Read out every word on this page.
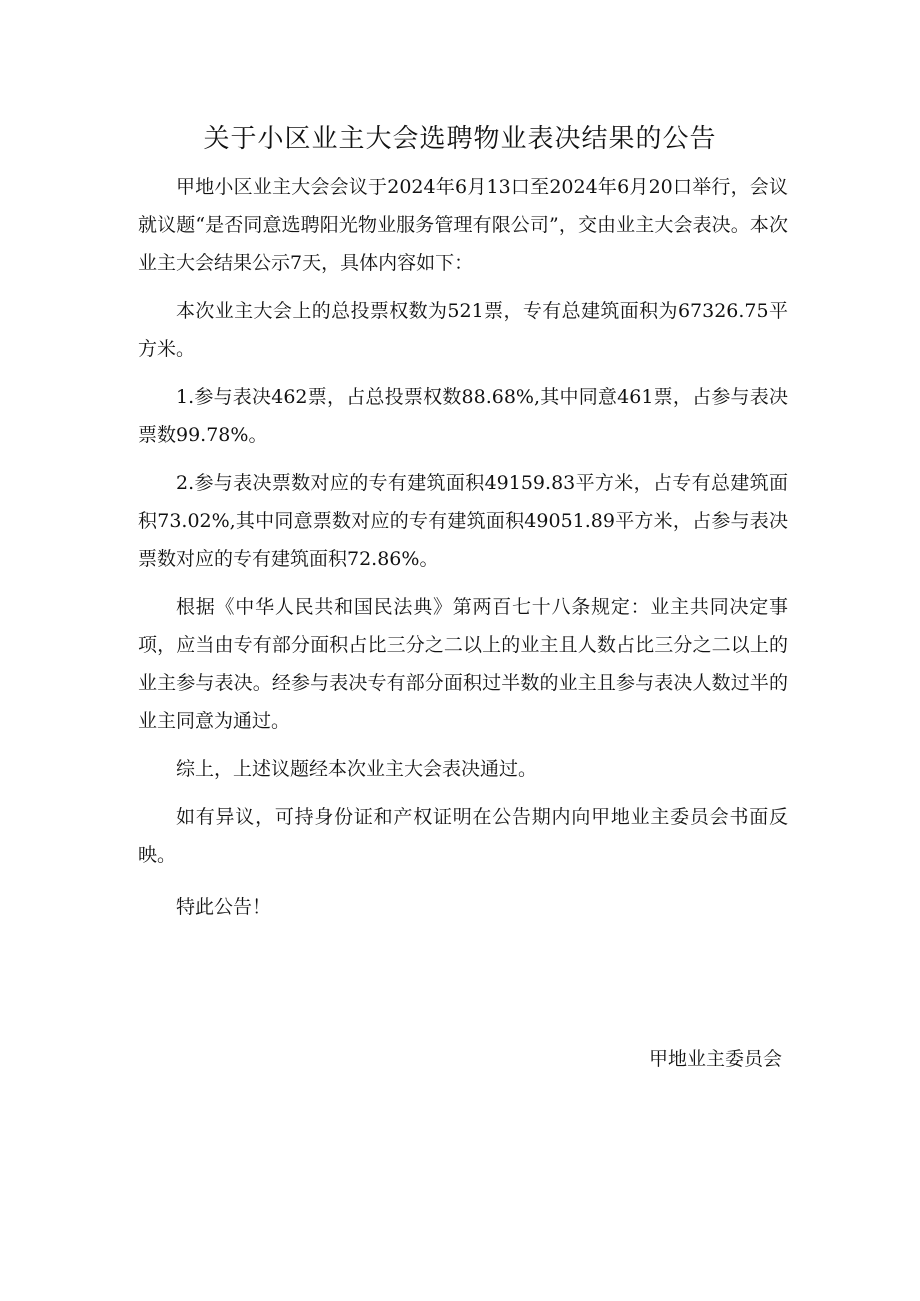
关于小区业主大会选聘物业表决结果的公告

甲地小区业主大会会议于2024年6月13口至2024年6月20口举行，会议就议题“是否同意选聘阳光物业服务管理有限公司”，交由业主大会表决。本次业主大会结果公示7天，具体内容如下：

本次业主大会上的总投票权数为521票，专有总建筑面积为67326.75平方米。

1.参与表决462票，占总投票权数88.68%,其中同意461票，占参与表决票数99.78%。

2.参与表决票数对应的专有建筑面积49159.83平方米，占专有总建筑面积73.02%,其中同意票数对应的专有建筑面积49051.89平方米，占参与表决票数对应的专有建筑面积72.86%。

根据《中华人民共和国民法典》第两百七十八条规定：业主共同决定事项，应当由专有部分面积占比三分之二以上的业主且人数占比三分之二以上的业主参与表决。经参与表决专有部分面积过半数的业主且参与表决人数过半的业主同意为通过。

综上，上述议题经本次业主大会表决通过。

如有异议，可持身份证和产权证明在公告期内向甲地业主委员会书面反映。

特此公告！

甲地业主委员会
